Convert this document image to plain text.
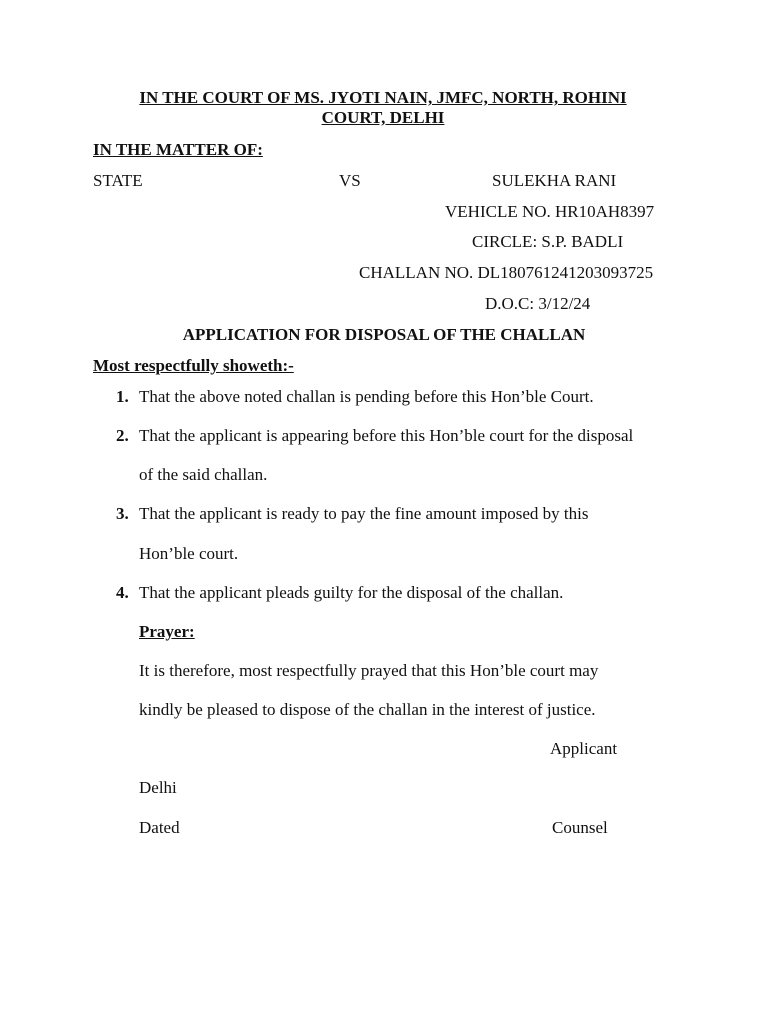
IN THE COURT OF MS. JYOTI NAIN, JMFC, NORTH, ROHINI
COURT, DELHI
IN THE MATTER OF:
STATE	VS	SULEKHA RANI
VEHICLE NO. HR10AH8397
CIRCLE: S.P. BADLI
CHALLAN NO. DL180761241203093725
D.O.C: 3/12/24
APPLICATION FOR DISPOSAL OF THE CHALLAN
Most respectfully showeth:-
1. That the above noted challan is pending before this Hon’ble Court.
2. That the applicant is appearing before this Hon’ble court for the disposal
of the said challan.
3. That the applicant is ready to pay the fine amount imposed by this
Hon’ble court.
4. That the applicant pleads guilty for the disposal of the challan.
Prayer:
It is therefore, most respectfully prayed that this Hon’ble court may
kindly be pleased to dispose of the challan in the interest of justice.
Applicant
Delhi
Dated	Counsel
